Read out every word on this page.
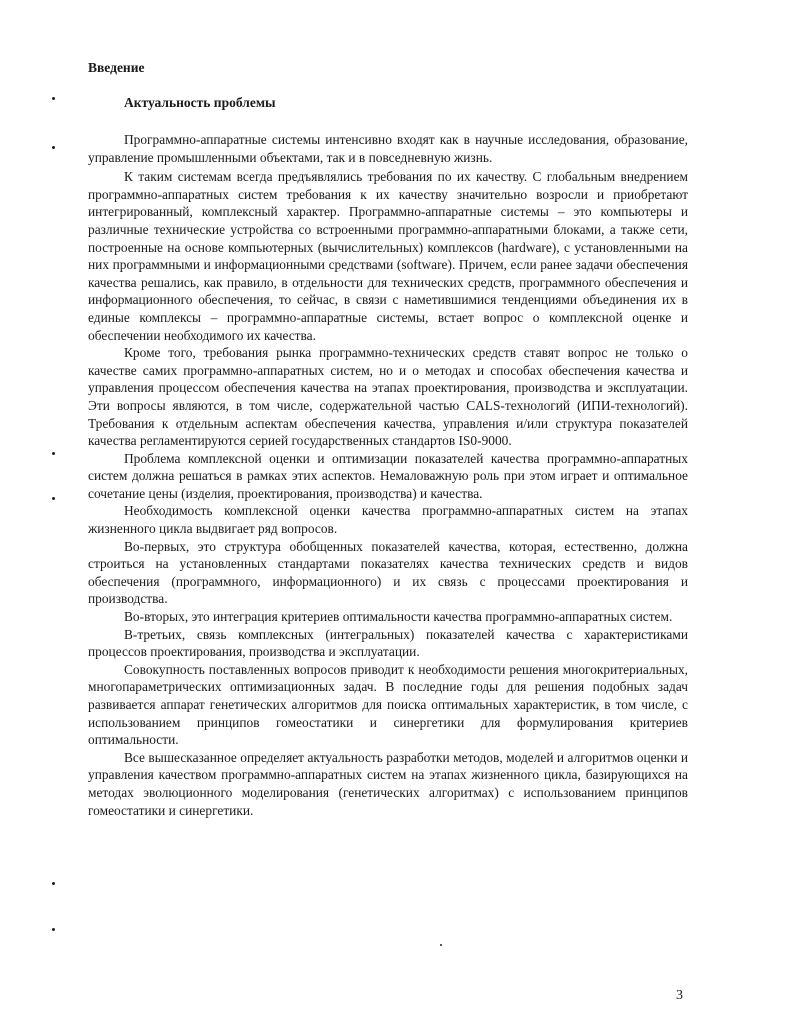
Введение
Актуальность проблемы

Программно-аппаратные системы интенсивно входят как в научные исследования, образование, управление промышленными объектами, так и в повседневную жизнь.

К таким системам всегда предъявлялись требования по их качеству. С глобальным внедрением программно-аппаратных систем требования к их качеству значительно возросли и приобретают интегрированный, комплексный характер. Программно-аппаратные системы – это компьютеры и различные технические устройства со встроенными программно-аппаратными блоками, а также сети, построенные на основе компьютерных (вычислительных) комплексов (hardware), с установленными на них программными и информационными средствами (software). Причем, если ранее задачи обеспечения качества решались, как правило, в отдельности для технических средств, программного обеспечения и информационного обеспечения, то сейчас, в связи с наметившимися тенденциями объединения их в единые комплексы – программно-аппаратные системы, встает вопрос о комплексной оценке и обеспечении необходимого их качества.

Кроме того, требования рынка программно-технических средств ставят вопрос не только о качестве самих программно-аппаратных систем, но и о методах и способах обеспечения качества и управления процессом обеспечения качества на этапах проектирования, производства и эксплуатации. Эти вопросы являются, в том числе, содержательной частью CALS-технологий (ИПИ-технологий). Требования к отдельным аспектам обеспечения качества, управления и/или структура показателей качества регламентируются серией государственных стандартов IS0-9000.

Проблема комплексной оценки и оптимизации показателей качества программно-аппаратных систем должна решаться в рамках этих аспектов. Немаловажную роль при этом играет и оптимальное сочетание цены (изделия, проектирования, производства) и качества.

Необходимость комплексной оценки качества программно-аппаратных систем на этапах жизненного цикла выдвигает ряд вопросов.

Во-первых, это структура обобщенных показателей качества, которая, естественно, должна строиться на установленных стандартами показателях качества технических средств и видов обеспечения (программного, информационного) и их связь с процессами проектирования и производства.

Во-вторых, это интеграция критериев оптимальности качества программно-аппаратных систем.

В-третьих, связь комплексных (интегральных) показателей качества с характеристиками процессов проектирования, производства и эксплуатации.

Совокупность поставленных вопросов приводит к необходимости решения многокритериальных, многопараметрических оптимизационных задач. В последние годы для решения подобных задач развивается аппарат генетических алгоритмов для поиска оптимальных характеристик, в том числе, с использованием принципов гомеостатики и синергетики для формулирования критериев оптимальности.

Все вышесказанное определяет актуальность разработки методов, моделей и алгоритмов оценки и управления качеством программно-аппаратных систем на этапах жизненного цикла, базирующихся на методах эволюционного моделирования (генетических алгоритмах) с использованием принципов гомеостатики и синергетики.

3
